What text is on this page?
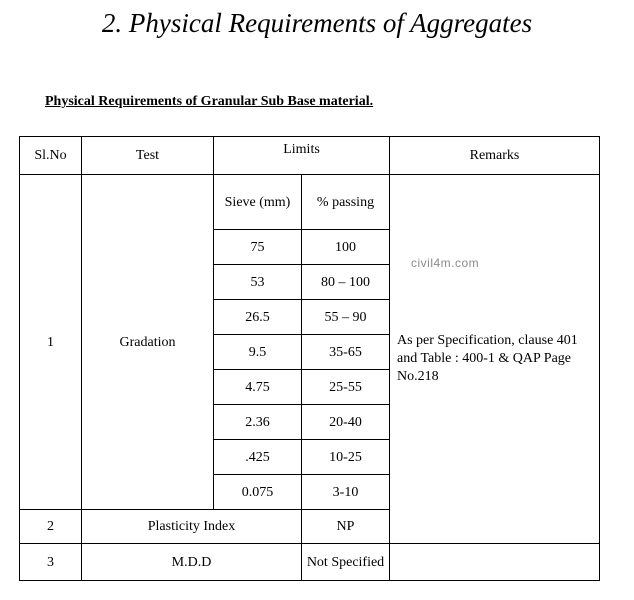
2. Physical Requirements of Aggregates
Physical Requirements of Granular Sub Base material.
Sl.No	Test	Limits		Remarks
1	Gradation	Sieve (mm)	% passing	As per Specification, clause 401 and Table : 400-1 & QAP Page No.218
		75	100	
		53	80 – 100	
		26.5	55 – 90	
		9.5	35-65	
		4.75	25-55	
		2.36	20-40	
		.425	10-25	
		0.075	3-10	
2	Plasticity Index		NP	
3	M.D.D		Not Specified	
civil4m.com
